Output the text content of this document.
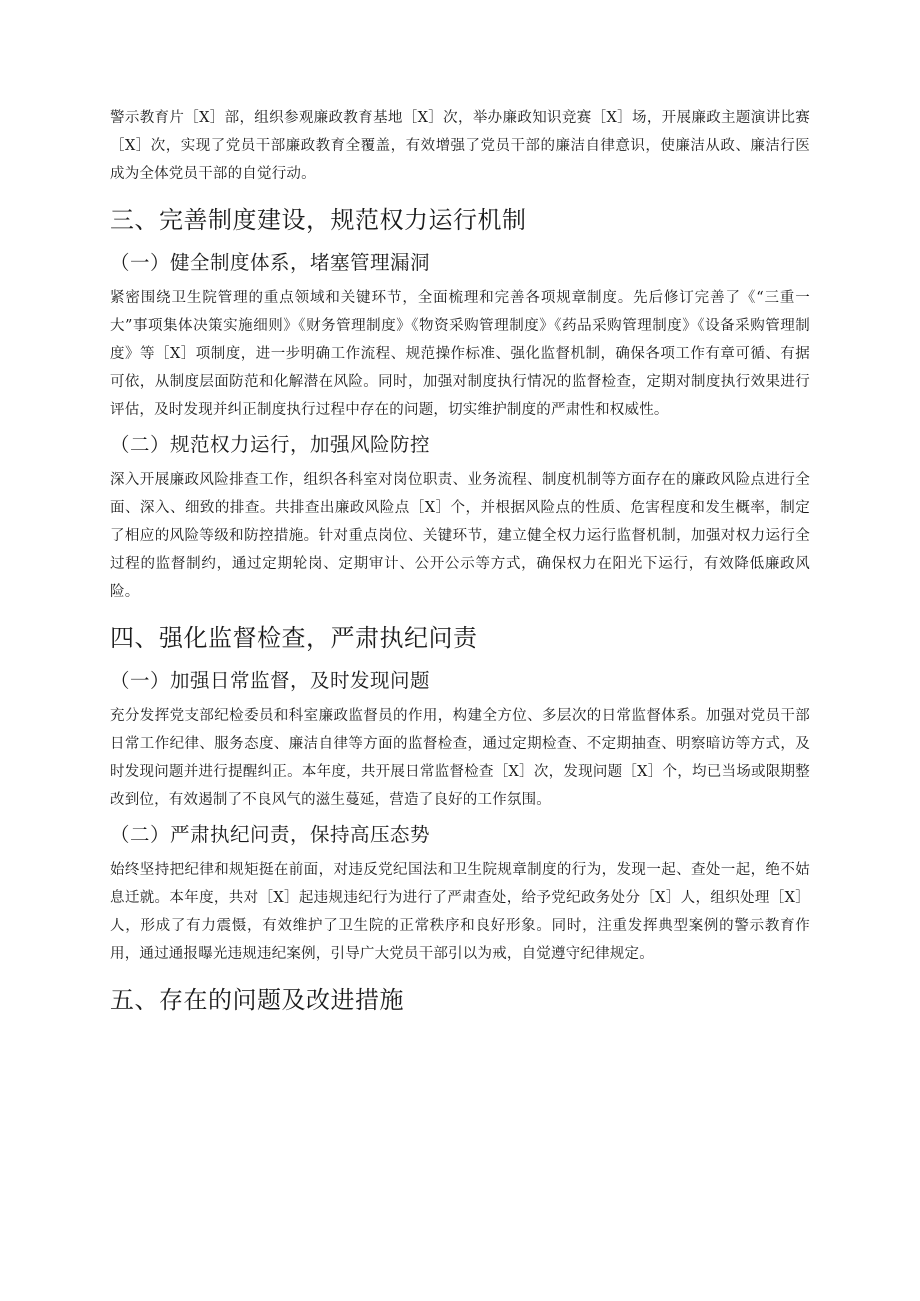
警示教育片［X］部，组织参观廉政教育基地［X］次，举办廉政知识竞赛［X］场，开展廉政主题演讲比赛［X］次，实现了党员干部廉政教育全覆盖，有效增强了党员干部的廉洁自律意识，使廉洁从政、廉洁行医成为全体党员干部的自觉行动。

三、完善制度建设，规范权力运行机制
（一）健全制度体系，堵塞管理漏洞

紧密围绕卫生院管理的重点领域和关键环节，全面梳理和完善各项规章制度。先后修订完善了《“三重一大”事项集体决策实施细则》《财务管理制度》《物资采购管理制度》《药品采购管理制度》《设备采购管理制度》等［X］项制度，进一步明确工作流程、规范操作标准、强化监督机制，确保各项工作有章可循、有据可依，从制度层面防范和化解潜在风险。同时，加强对制度执行情况的监督检查，定期对制度执行效果进行评估，及时发现并纠正制度执行过程中存在的问题，切实维护制度的严肃性和权威性。

（二）规范权力运行，加强风险防控

深入开展廉政风险排查工作，组织各科室对岗位职责、业务流程、制度机制等方面存在的廉政风险点进行全面、深入、细致的排查。共排查出廉政风险点［X］个，并根据风险点的性质、危害程度和发生概率，制定了相应的风险等级和防控措施。针对重点岗位、关键环节，建立健全权力运行监督机制，加强对权力运行全过程的监督制约，通过定期轮岗、定期审计、公开公示等方式，确保权力在阳光下运行，有效降低廉政风险。

四、强化监督检查，严肃执纪问责
（一）加强日常监督，及时发现问题

充分发挥党支部纪检委员和科室廉政监督员的作用，构建全方位、多层次的日常监督体系。加强对党员干部日常工作纪律、服务态度、廉洁自律等方面的监督检查，通过定期检查、不定期抽查、明察暗访等方式，及时发现问题并进行提醒纠正。本年度，共开展日常监督检查［X］次，发现问题［X］个，均已当场或限期整改到位，有效遏制了不良风气的滋生蔓延，营造了良好的工作氛围。

（二）严肃执纪问责，保持高压态势

始终坚持把纪律和规矩挺在前面，对违反党纪国法和卫生院规章制度的行为，发现一起、查处一起，绝不姑息迁就。本年度，共对［X］起违规违纪行为进行了严肃查处，给予党纪政务处分［X］人，组织处理［X］人，形成了有力震慑，有效维护了卫生院的正常秩序和良好形象。同时，注重发挥典型案例的警示教育作用，通过通报曝光违规违纪案例，引导广大党员干部引以为戒，自觉遵守纪律规定。

五、存在的问题及改进措施
